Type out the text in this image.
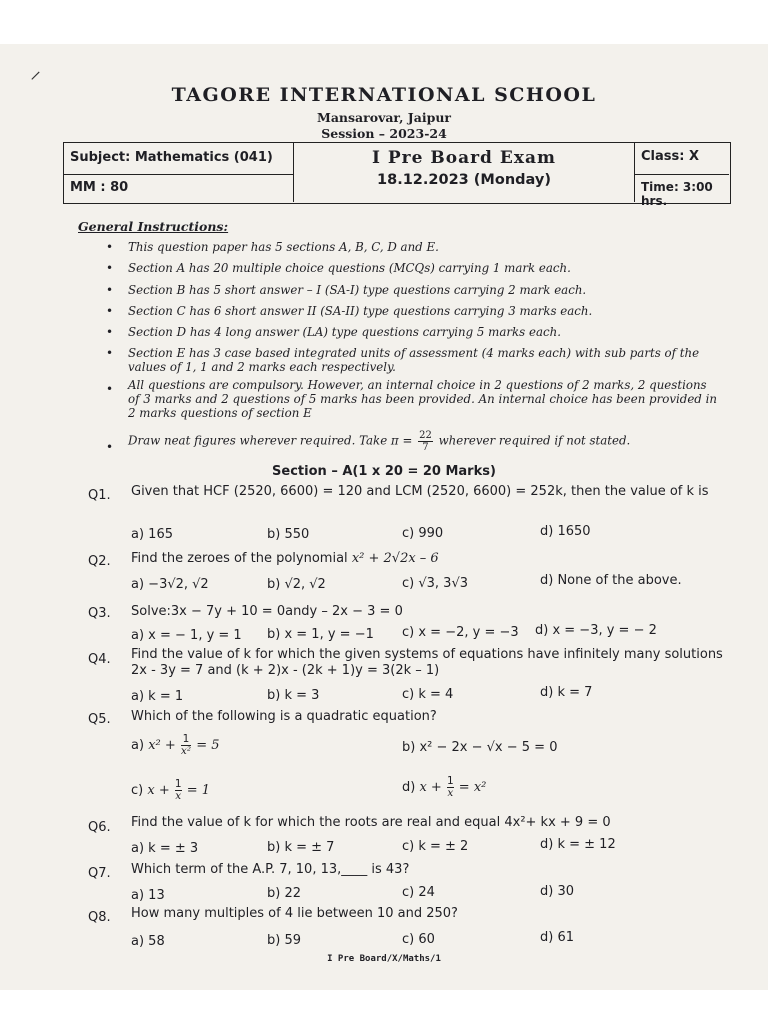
⸝
TAGORE INTERNATIONAL SCHOOL
Mansarovar, Jaipur
Session – 2023-24
Subject: Mathematics (041)
MM : 80
I Pre Board Exam
18.12.2023 (Monday)
Class: X
Time: 3:00 hrs.
General Instructions:
• This question paper has 5 sections A, B, C, D and E.
• Section A has 20 multiple choice questions (MCQs) carrying 1 mark each.
• Section B has 5 short answer – I (SA-I) type questions carrying 2 mark each.
• Section C has 6 short answer II (SA-II) type questions carrying 3 marks each.
• Section D has 4 long answer (LA) type questions carrying 5 marks each.
• Section E has 3 case based integrated units of assessment (4 marks each) with sub parts of the values of 1, 1 and 2 marks each respectively.
• All questions are compulsory. However, an internal choice in 2 questions of 2 marks, 2 questions of 3 marks and 2 questions of 5 marks has been provided. An internal choice has been provided in 2 marks questions of section E
• Draw neat figures wherever required. Take $\pi = \frac{22}{7}$ wherever required if not stated.
Section – A(1 x 20 = 20 Marks)
Q1. Given that HCF (2520, 6600) = 120 and LCM (2520, 6600) = 252k, then the value of k is
a) 165	b) 550	c) 990	d) 1650
Q2. Find the zeroes of the polynomial x² + 2√2x – 6
a) −3√2, √2	b) √2, √2	c) √3, 3√3	d) None of the above.
Q3. Solve:3x − 7y + 10 = 0andy – 2x − 3 = 0
a) x = − 1, y = 1 b) x = 1, y = −1 c) x = −2, y = −3 d) x = −3, y = − 2
Q4. Find the value of k for which the given systems of equations have infinitely many solutions 2x - 3y = 7 and (k + 2)x - (2k + 1)y = 3(2k – 1)
a) k = 1	b) k = 3	c) k = 4	d) k = 7
Q5. Which of the following is a quadratic equation?
a) $x^2 + \frac{1}{\text{x²}} = 5$	b) x² − 2x − √x − 5 = 0
c) $x + \frac{1}{x} = 1$	d) $x + \frac{1}{x} = x^2$
Q6. Find the value of k for which the roots are real and equal 4x²+ kx + 9 = 0
a) k = ± 3	b) k = ± 7	c) k = ± 2	d) k = ± 12
Q7. Which term of the A.P. 7, 10, 13,____ is 43?
a) 13	b) 22	c) 24	d) 30
Q8. How many multiples of 4 lie between 10 and 250?
a) 58	b) 59	c) 60	d) 61
I Pre Board/X/Maths/1
